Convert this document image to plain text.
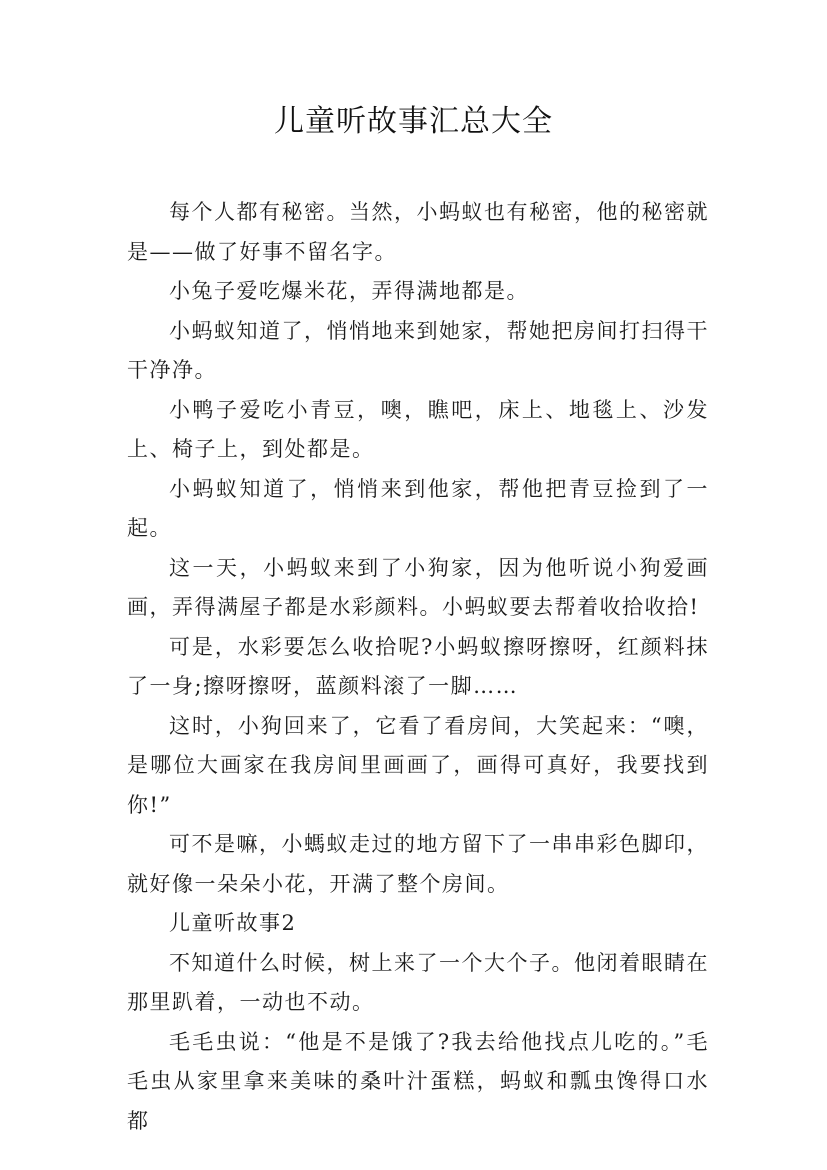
儿童听故事汇总大全

每个人都有秘密。当然，小蚂蚁也有秘密，他的秘密就是——做了好事不留名字。

小兔子爱吃爆米花，弄得满地都是。

小蚂蚁知道了，悄悄地来到她家，帮她把房间打扫得干干净净。

小鸭子爱吃小青豆，噢，瞧吧，床上、地毯上、沙发上、椅子上，到处都是。

小蚂蚁知道了，悄悄来到他家，帮他把青豆捡到了一起。

这一天，小蚂蚁来到了小狗家，因为他听说小狗爱画画，弄得满屋子都是水彩颜料。小蚂蚁要去帮着收拾收拾!

可是，水彩要怎么收拾呢?小蚂蚁擦呀擦呀，红颜料抹了一身;擦呀擦呀，蓝颜料滚了一脚……

这时，小狗回来了，它看了看房间，大笑起来：“噢，是哪位大画家在我房间里画画了，画得可真好，我要找到你!”

可不是嘛，小螞蚁走过的地方留下了一串串彩色脚印，就好像一朵朵小花，开满了整个房间。

儿童听故事2

不知道什么时候，树上来了一个大个子。他闭着眼睛在那里趴着，一动也不动。

毛毛虫说：“他是不是饿了?我去给他找点儿吃的。”毛毛虫从家里拿来美味的桑叶汁蛋糕，蚂蚁和瓢虫馋得口水都
